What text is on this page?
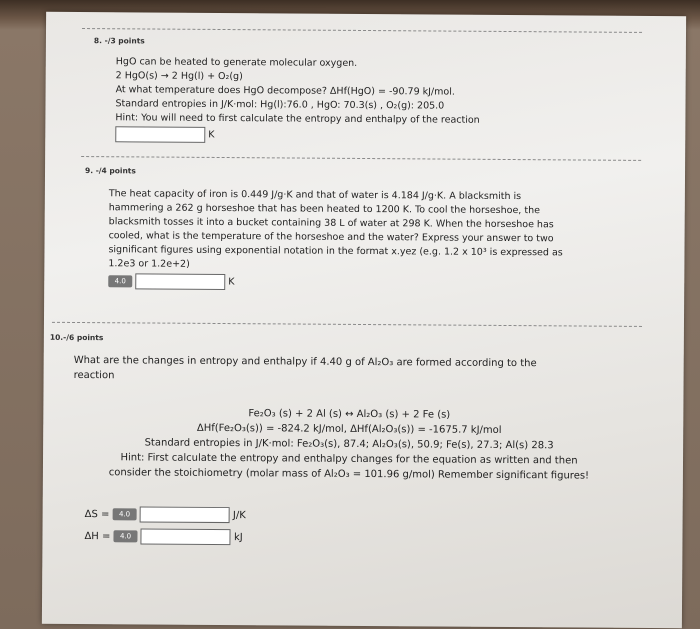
8. -/3 points
HgO can be heated to generate molecular oxygen.
2 HgO(s) → 2 Hg(l) + O₂(g)
At what temperature does HgO decompose? ΔHf(HgO) = -90.79 kJ/mol.
Standard entropies in J/K·mol: Hg(l):76.0 , HgO: 70.3(s) , O₂(g): 205.0
Hint: You will need to first calculate the entropy and enthalpy of the reaction
K
9. -/4 points
The heat capacity of iron is 0.449 J/g·K and that of water is 4.184 J/g·K. A blacksmith is
hammering a 262 g horseshoe that has been heated to 1200 K. To cool the horseshoe, the
blacksmith tosses it into a bucket containing 38 L of water at 298 K. When the horseshoe has
cooled, what is the temperature of the horseshoe and the water? Express your answer to two
significant figures using exponential notation in the format x.yez (e.g. 1.2 x 10³ is expressed as
1.2e3 or 1.2e+2)
4.0	K
10.-/6 points
What are the changes in entropy and enthalpy if 4.40 g of Al₂O₃ are formed according to the
reaction
Fe₂O₃ (s) + 2 Al (s) ↔ Al₂O₃ (s) + 2 Fe (s)
ΔHf(Fe₂O₃(s)) = -824.2 kJ/mol, ΔHf(Al₂O₃(s)) = -1675.7 kJ/mol
Standard entropies in J/K·mol: Fe₂O₃(s), 87.4; Al₂O₃(s), 50.9; Fe(s), 27.3; Al(s) 28.3
Hint: First calculate the entropy and enthalpy changes for the equation as written and then
consider the stoichiometry (molar mass of Al₂O₃ = 101.96 g/mol) Remember significant figures!
ΔS = 4.0	J/K
ΔH = 4.0	kJ
